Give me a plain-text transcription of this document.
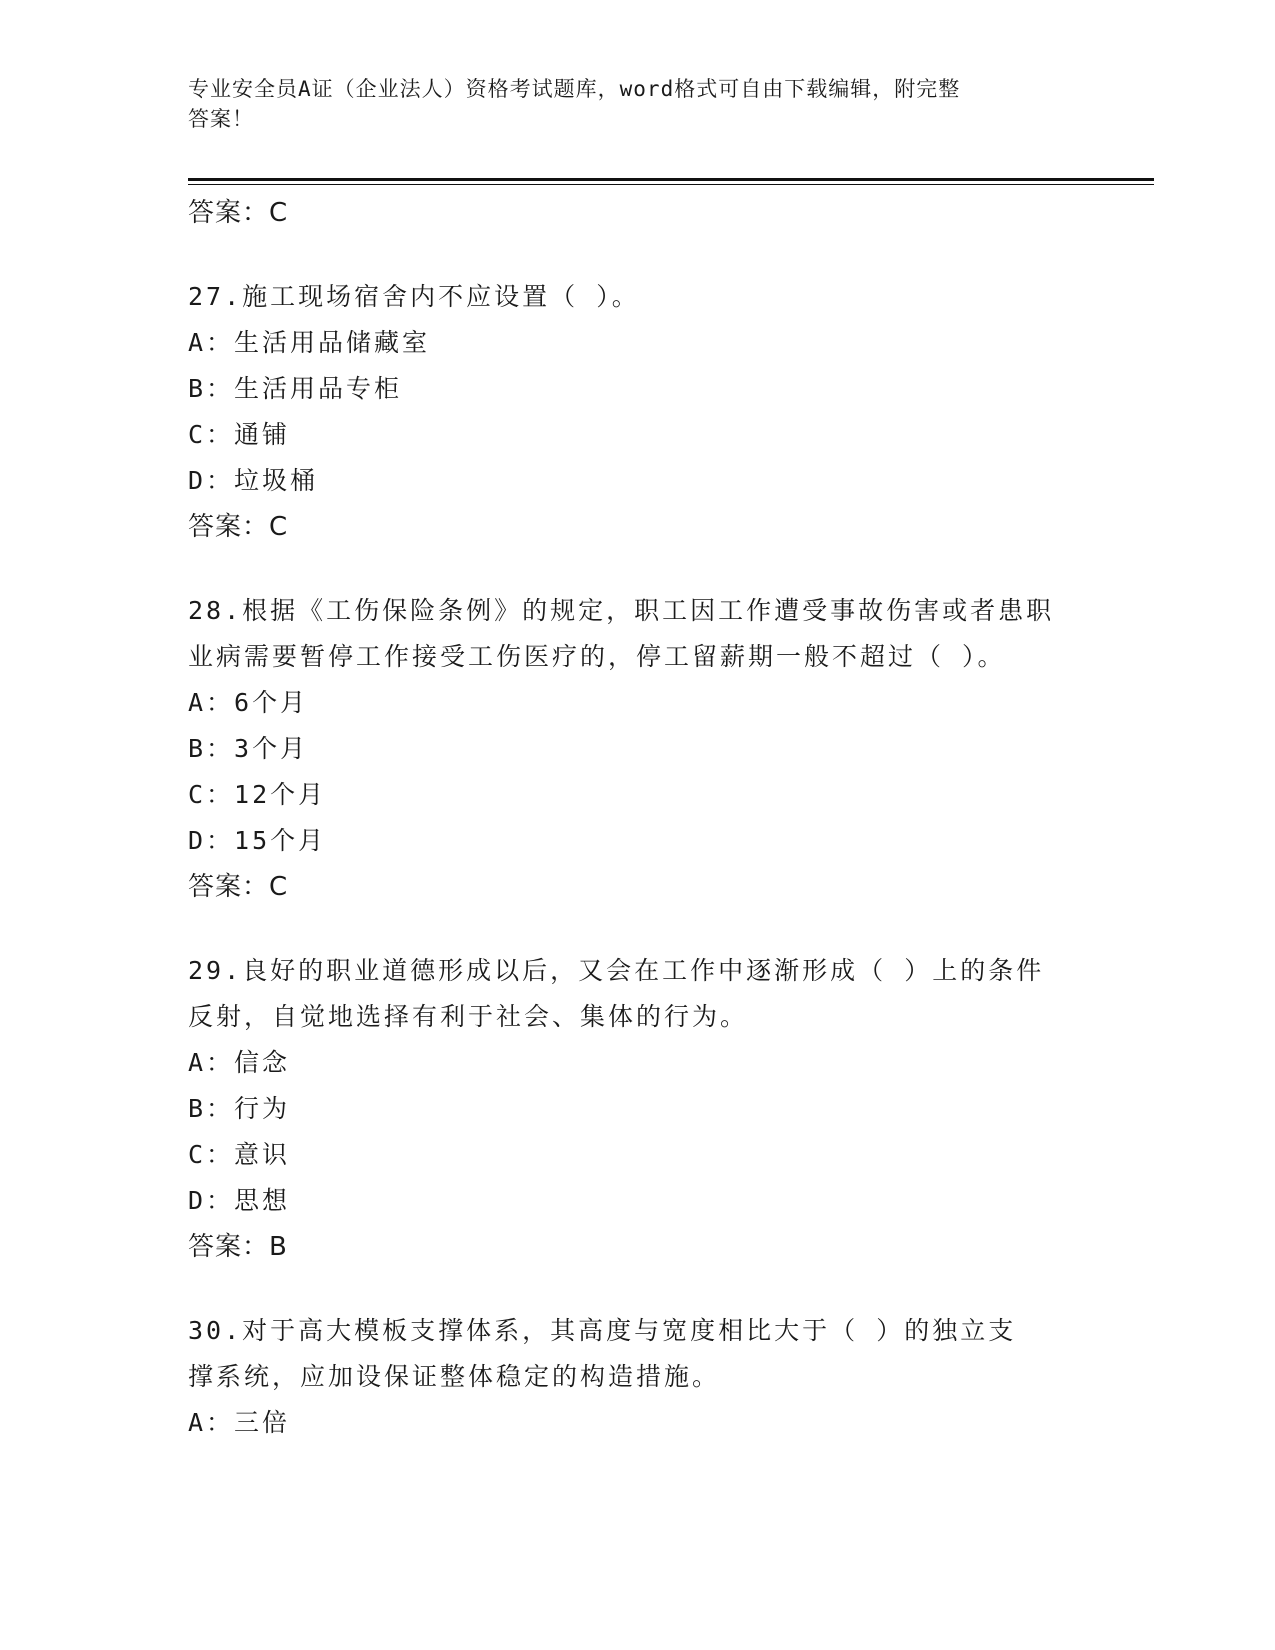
专业安全员A证（企业法人）资格考试题库，word格式可自由下载编辑，附完整
答案！

答案：C

27.施工现场宿舍内不应设置（ ）。

A：生活用品储藏室

B：生活用品专柜

C：通铺

D：垃圾桶

答案：C

28.根据《工伤保险条例》的规定，职工因工作遭受事故伤害或者患职

业病需要暂停工作接受工伤医疗的，停工留薪期一般不超过（ ）。

A：6个月

B：3个月

C：12个月

D：15个月

答案：C

29.良好的职业道德形成以后，又会在工作中逐渐形成（ ）上的条件

反射，自觉地选择有利于社会、集体的行为。

A：信念

B：行为

C：意识

D：思想

答案：B

30.对于高大模板支撑体系，其高度与宽度相比大于（ ）的独立支

撑系统，应加设保证整体稳定的构造措施。

A：三倍
